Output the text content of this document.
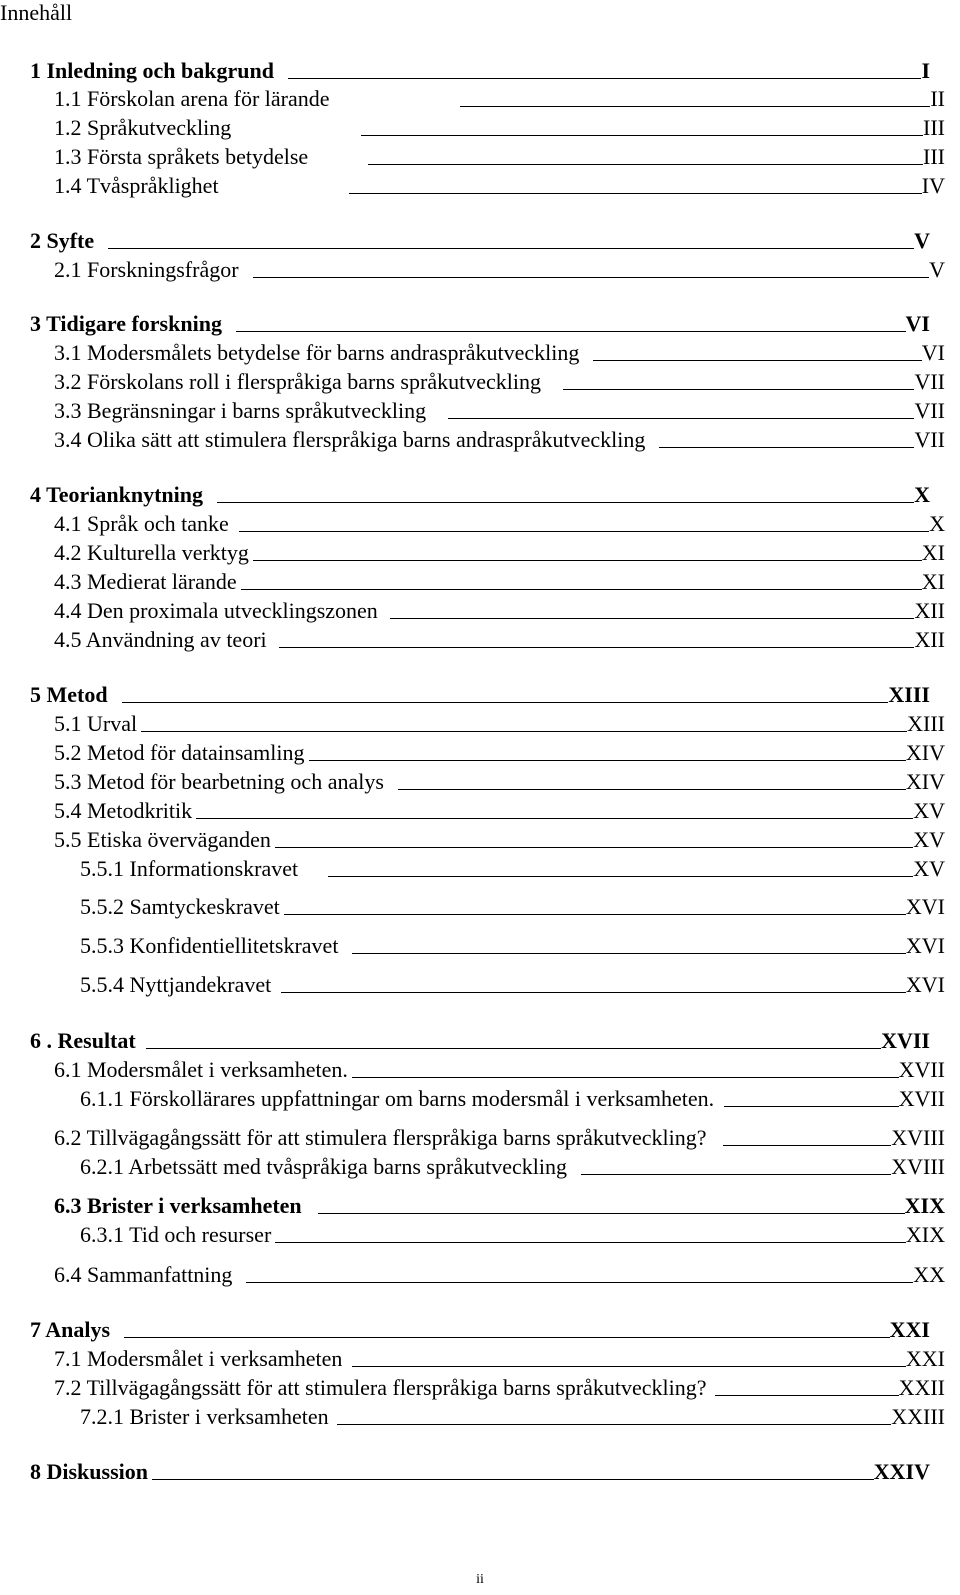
Innehåll
1 Inledning och bakgrund	I
1.1 Förskolan arena för lärande	II
1.2 Språkutveckling	III
1.3 Första språkets betydelse	III
1.4 Tvåspråklighet	IV
2 Syfte	V
2.1 Forskningsfrågor	V
3 Tidigare forskning	VI
3.1 Modersmålets betydelse för barns andraspråkutveckling	VI
3.2 Förskolans roll i flerspråkiga barns språkutveckling	VII
3.3 Begränsningar i barns språkutveckling	VII
3.4 Olika sätt att stimulera flerspråkiga barns andraspråkutveckling	VII
4 Teorianknytning	X
4.1 Språk och tanke	X
4.2 Kulturella verktyg	XI
4.3 Medierat lärande	XI
4.4 Den proximala utvecklingszonen	XII
4.5 Användning av teori	XII
5 Metod	XIII
5.1 Urval	XIII
5.2 Metod för datainsamling	XIV
5.3 Metod för bearbetning och analys	XIV
5.4 Metodkritik	XV
5.5 Etiska överväganden	XV
5.5.1 Informationskravet	XV
5.5.2 Samtyckeskravet	XVI
5.5.3 Konfidentiellitetskravet	XVI
5.5.4 Nyttjandekravet	XVI
6 . Resultat	XVII
6.1 Modersmålet i verksamheten.	XVII
6.1.1 Förskollärares uppfattningar om barns modersmål i verksamheten.	XVII
6.2 Tillvägagångssätt för att stimulera flerspråkiga barns språkutveckling?	XVIII
6.2.1 Arbetssätt med tvåspråkiga barns språkutveckling	XVIII
6.3 Brister i verksamheten	XIX
6.3.1 Tid och resurser	XIX
6.4 Sammanfattning	XX
7 Analys	XXI
7.1 Modersmålet i verksamheten	XXI
7.2 Tillvägagångssätt för att stimulera flerspråkiga barns språkutveckling?	XXII
7.2.1 Brister i verksamheten	XXIII
8 Diskussion	XXIV
ii
